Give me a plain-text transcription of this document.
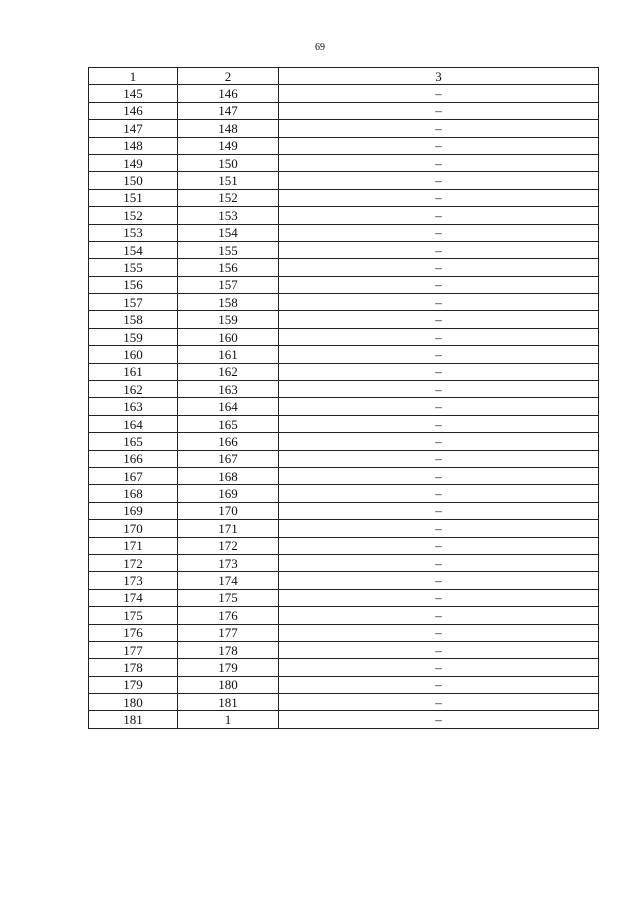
69
1	2	3
145	146	–
146	147	–
147	148	–
148	149	–
149	150	–
150	151	–
151	152	–
152	153	–
153	154	–
154	155	–
155	156	–
156	157	–
157	158	–
158	159	–
159	160	–
160	161	–
161	162	–
162	163	–
163	164	–
164	165	–
165	166	–
166	167	–
167	168	–
168	169	–
169	170	–
170	171	–
171	172	–
172	173	–
173	174	–
174	175	–
175	176	–
176	177	–
177	178	–
178	179	–
179	180	–
180	181	–
181	1	–
